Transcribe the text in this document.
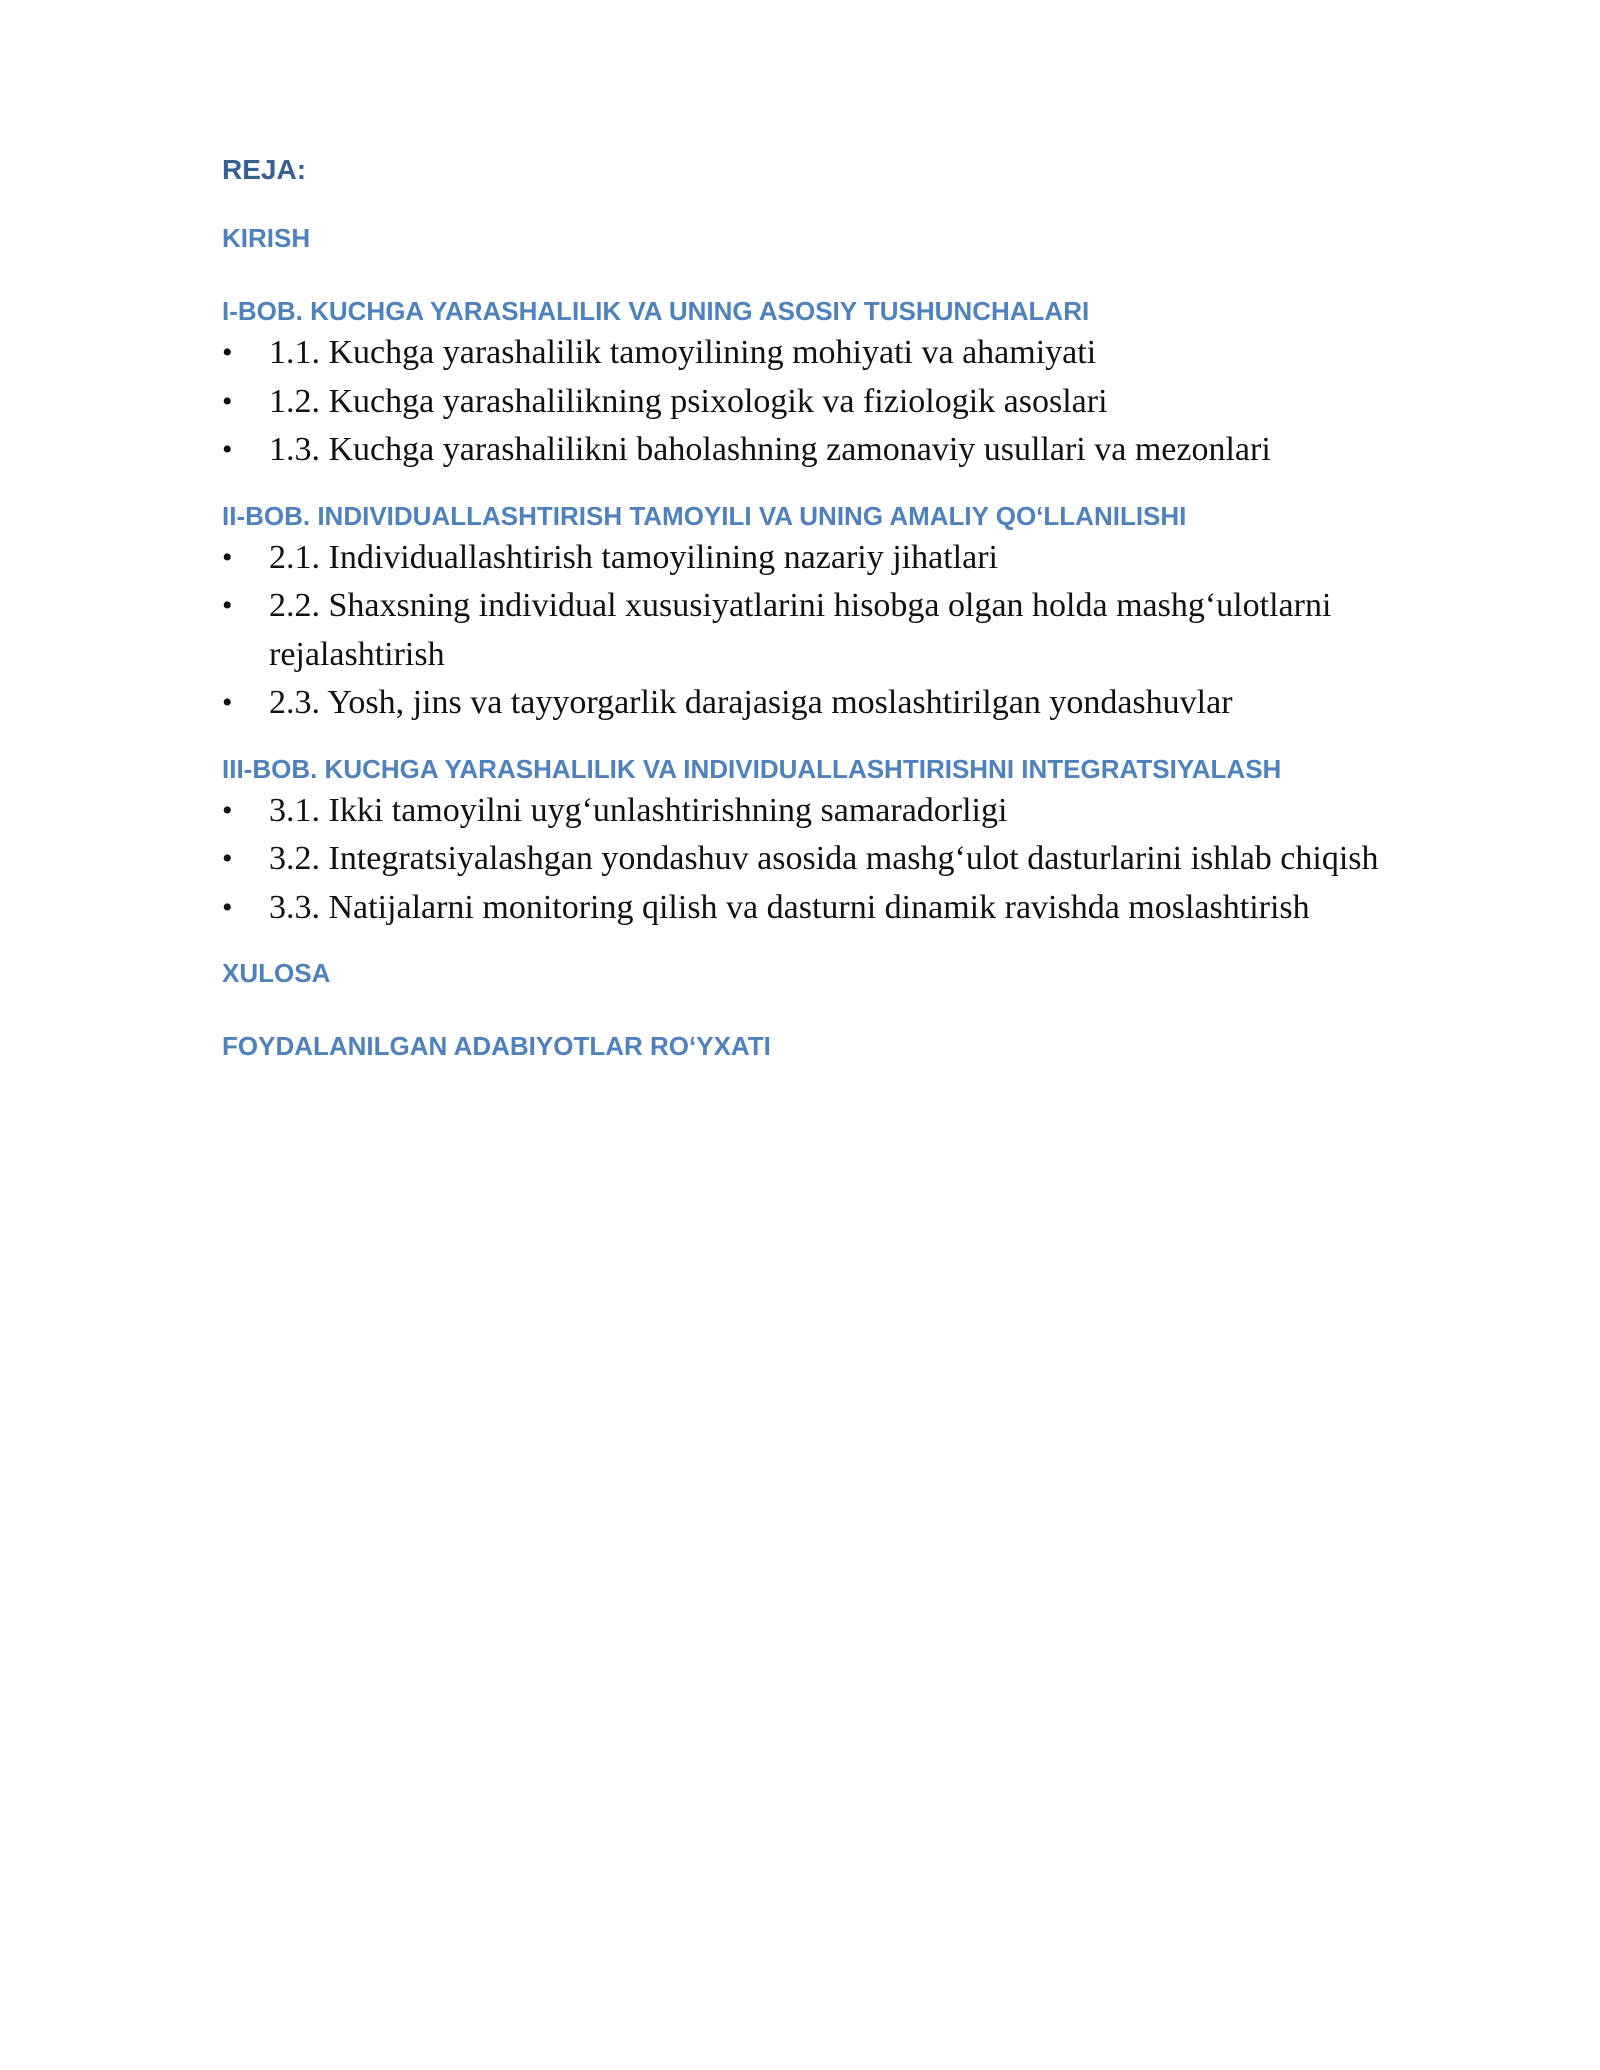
REJA:
KIRISH
I-BOB. KUCHGA YARASHALILIK VA UNING ASOSIY TUSHUNCHALARI
• 1.1. Kuchga yarashalilik tamoyilining mohiyati va ahamiyati
• 1.2. Kuchga yarashalilikning psixologik va fiziologik asoslari
• 1.3. Kuchga yarashalilikni baholashning zamonaviy usullari va mezonlari
II-BOB. INDIVIDUALLASHTIRISH TAMOYILI VA UNING AMALIY QO‘LLANILISHI
• 2.1. Individuallashtirish tamoyilining nazariy jihatlari
• 2.2. Shaxsning individual xususiyatlarini hisobga olgan holda mashg‘ulotlarni rejalashtirish
• 2.3. Yosh, jins va tayyorgarlik darajasiga moslashtirilgan yondashuvlar
III-BOB. KUCHGA YARASHALILIK VA INDIVIDUALLASHTIRISHNI INTEGRATSIYALASH
• 3.1. Ikki tamoyilni uyg‘unlashtirishning samaradorligi
• 3.2. Integratsiyalashgan yondashuv asosida mashg‘ulot dasturlarini ishlab chiqish
• 3.3. Natijalarni monitoring qilish va dasturni dinamik ravishda moslashtirish
XULOSA
FOYDALANILGAN ADABIYOTLAR RO‘YXATI
